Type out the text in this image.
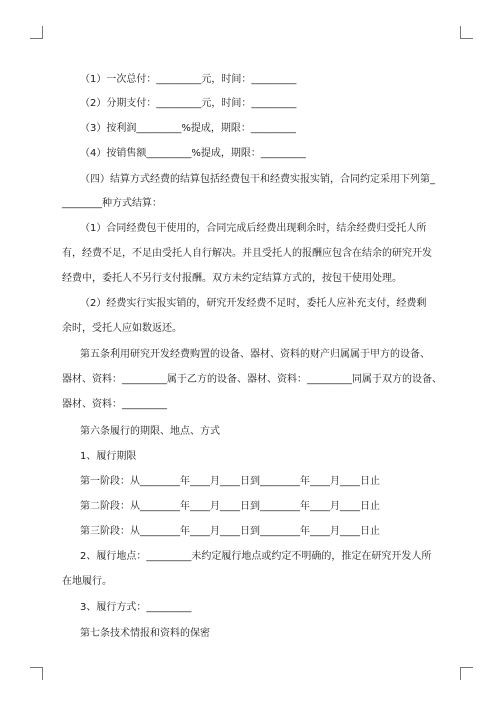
（1）一次总付：_________元，时间：_________
（2）分期支付：_________元，时间：_________
（3）按利润_________%提成，期限：_________
（4）按销售额_________%提成，期限：_________
（四）结算方式经费的结算包括经费包干和经费实报实销，合同约定采用下列第_
________种方式结算：
（1）合同经费包干使用的，合同完成后经费出现剩余时，结余经费归受托人所
有，经费不足，不足由受托人自行解决。并且受托人的报酬应包含在结余的研究开发
经费中，委托人不另行支付报酬。双方未约定结算方式的，按包干使用处理。
（2）经费实行实报实销的，研究开发经费不足时，委托人应补充支付，经费剩
余时，受托人应如数返还。
第五条利用研究开发经费购置的设备、器材、资料的财产归属属于甲方的设备、
器材、资料：_________属于乙方的设备、器材、资料：_________同属于双方的设备、
器材、资料：_________
第六条履行的期限、地点、方式
1、履行期限
第一阶段：从________年____月____日到________年____月____日止
第二阶段：从________年____月____日到________年____月____日止
第三阶段：从________年____月____日到________年____月____日止
2、履行地点：_________未约定履行地点或约定不明确的，推定在研究开发人所
在地履行。
3、履行方式：_________
第七条技术情报和资料的保密
